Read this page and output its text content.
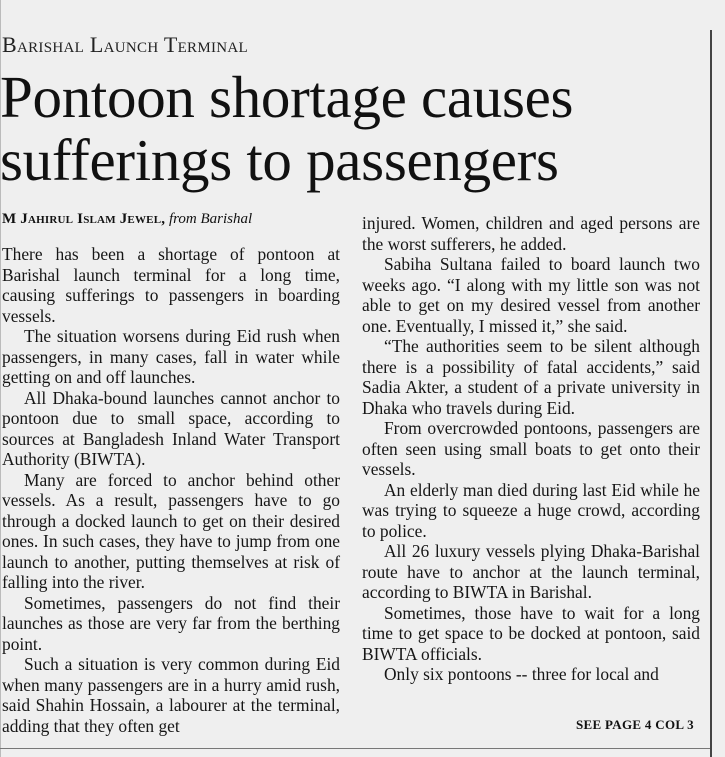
Barishal Launch Terminal
Pontoon shortage causes sufferings to passengers
M Jahirul Islam Jewel, from Barishal

There has been a shortage of pontoon at Barishal launch terminal for a long time, causing sufferings to passengers in boarding vessels.

The situation worsens during Eid rush when passengers, in many cases, fall in water while getting on and off launches.

All Dhaka-bound launches cannot anchor to pontoon due to small space, according to sources at Bangladesh Inland Water Transport Authority (BIWTA).

Many are forced to anchor behind other vessels. As a result, passengers have to go through a docked launch to get on their desired ones. In such cases, they have to jump from one launch to another, putting themselves at risk of falling into the river.

Sometimes, passengers do not find their launches as those are very far from the berthing point.

Such a situation is very common during Eid when many passengers are in a hurry amid rush, said Shahin Hossain, a labourer at the terminal, adding that they often get

injured. Women, children and aged persons are the worst sufferers, he added.

Sabiha Sultana failed to board launch two weeks ago. “I along with my little son was not able to get on my desired vessel from another one. Eventually, I missed it,” she said.

“The authorities seem to be silent although there is a possibility of fatal accidents,” said Sadia Akter, a student of a private university in Dhaka who travels during Eid.

From overcrowded pontoons, passengers are often seen using small boats to get onto their vessels.

An elderly man died during last Eid while he was trying to squeeze a huge crowd, according to police.

All 26 luxury vessels plying Dhaka-Barishal route have to anchor at the launch terminal, according to BIWTA in Barishal.

Sometimes, those have to wait for a long time to get space to be docked at pontoon, said BIWTA officials.

Only six pontoons -- three for local and

SEE PAGE 4 COL 3
